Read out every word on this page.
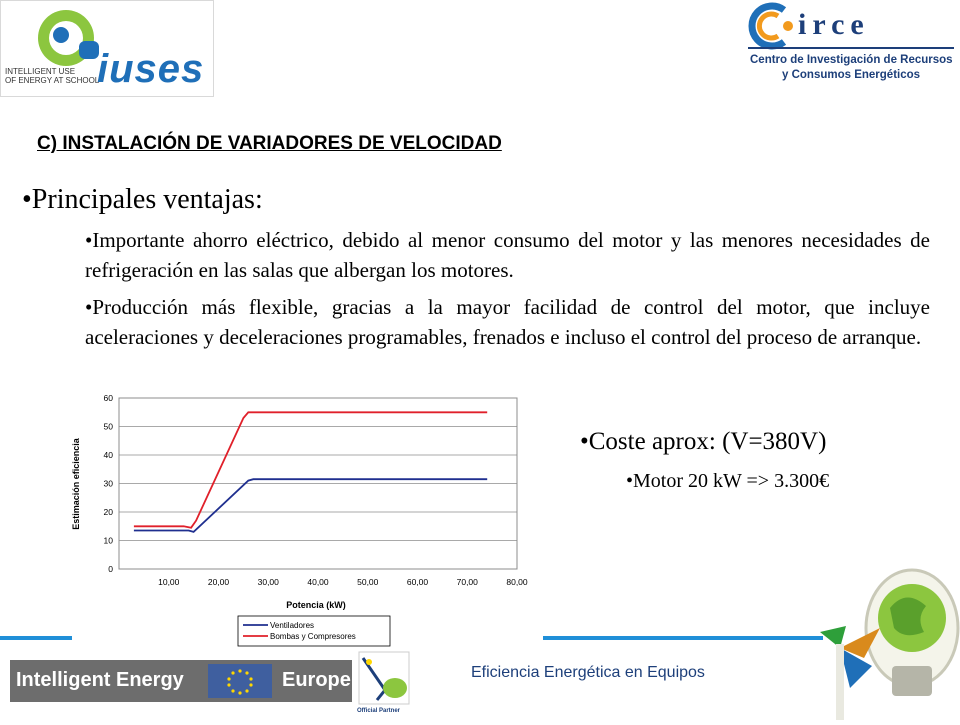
INTELLIGENT USE
OF ENERGY AT SCHOOL
iuses
irce
Centro de Investigación de Recursos
y Consumos Energéticos
C) INSTALACIÓN DE VARIADORES DE VELOCIDAD
•Principales ventajas:
•Importante ahorro eléctrico, debido al menor consumo del motor y las menores necesidades de refrigeración en las salas que albergan los motores.
•Producción más flexible, gracias a la mayor facilidad de control del motor, que incluye aceleraciones y deceleraciones programables, frenados e incluso el control del proceso de arranque.
0
10
20
30
40
50
60
10,00	20,00	30,00	40,00	50,00	60,00	70,00	80,00
Estimación eficiencia
Potencia (kW)
Ventiladores
Bombas y Compresores
•Coste aprox: (V=380V)
•Motor 20 kW => 3.300€
Intelligent Energy	Europe
Official Partner
Eficiencia Energética en Equipos
